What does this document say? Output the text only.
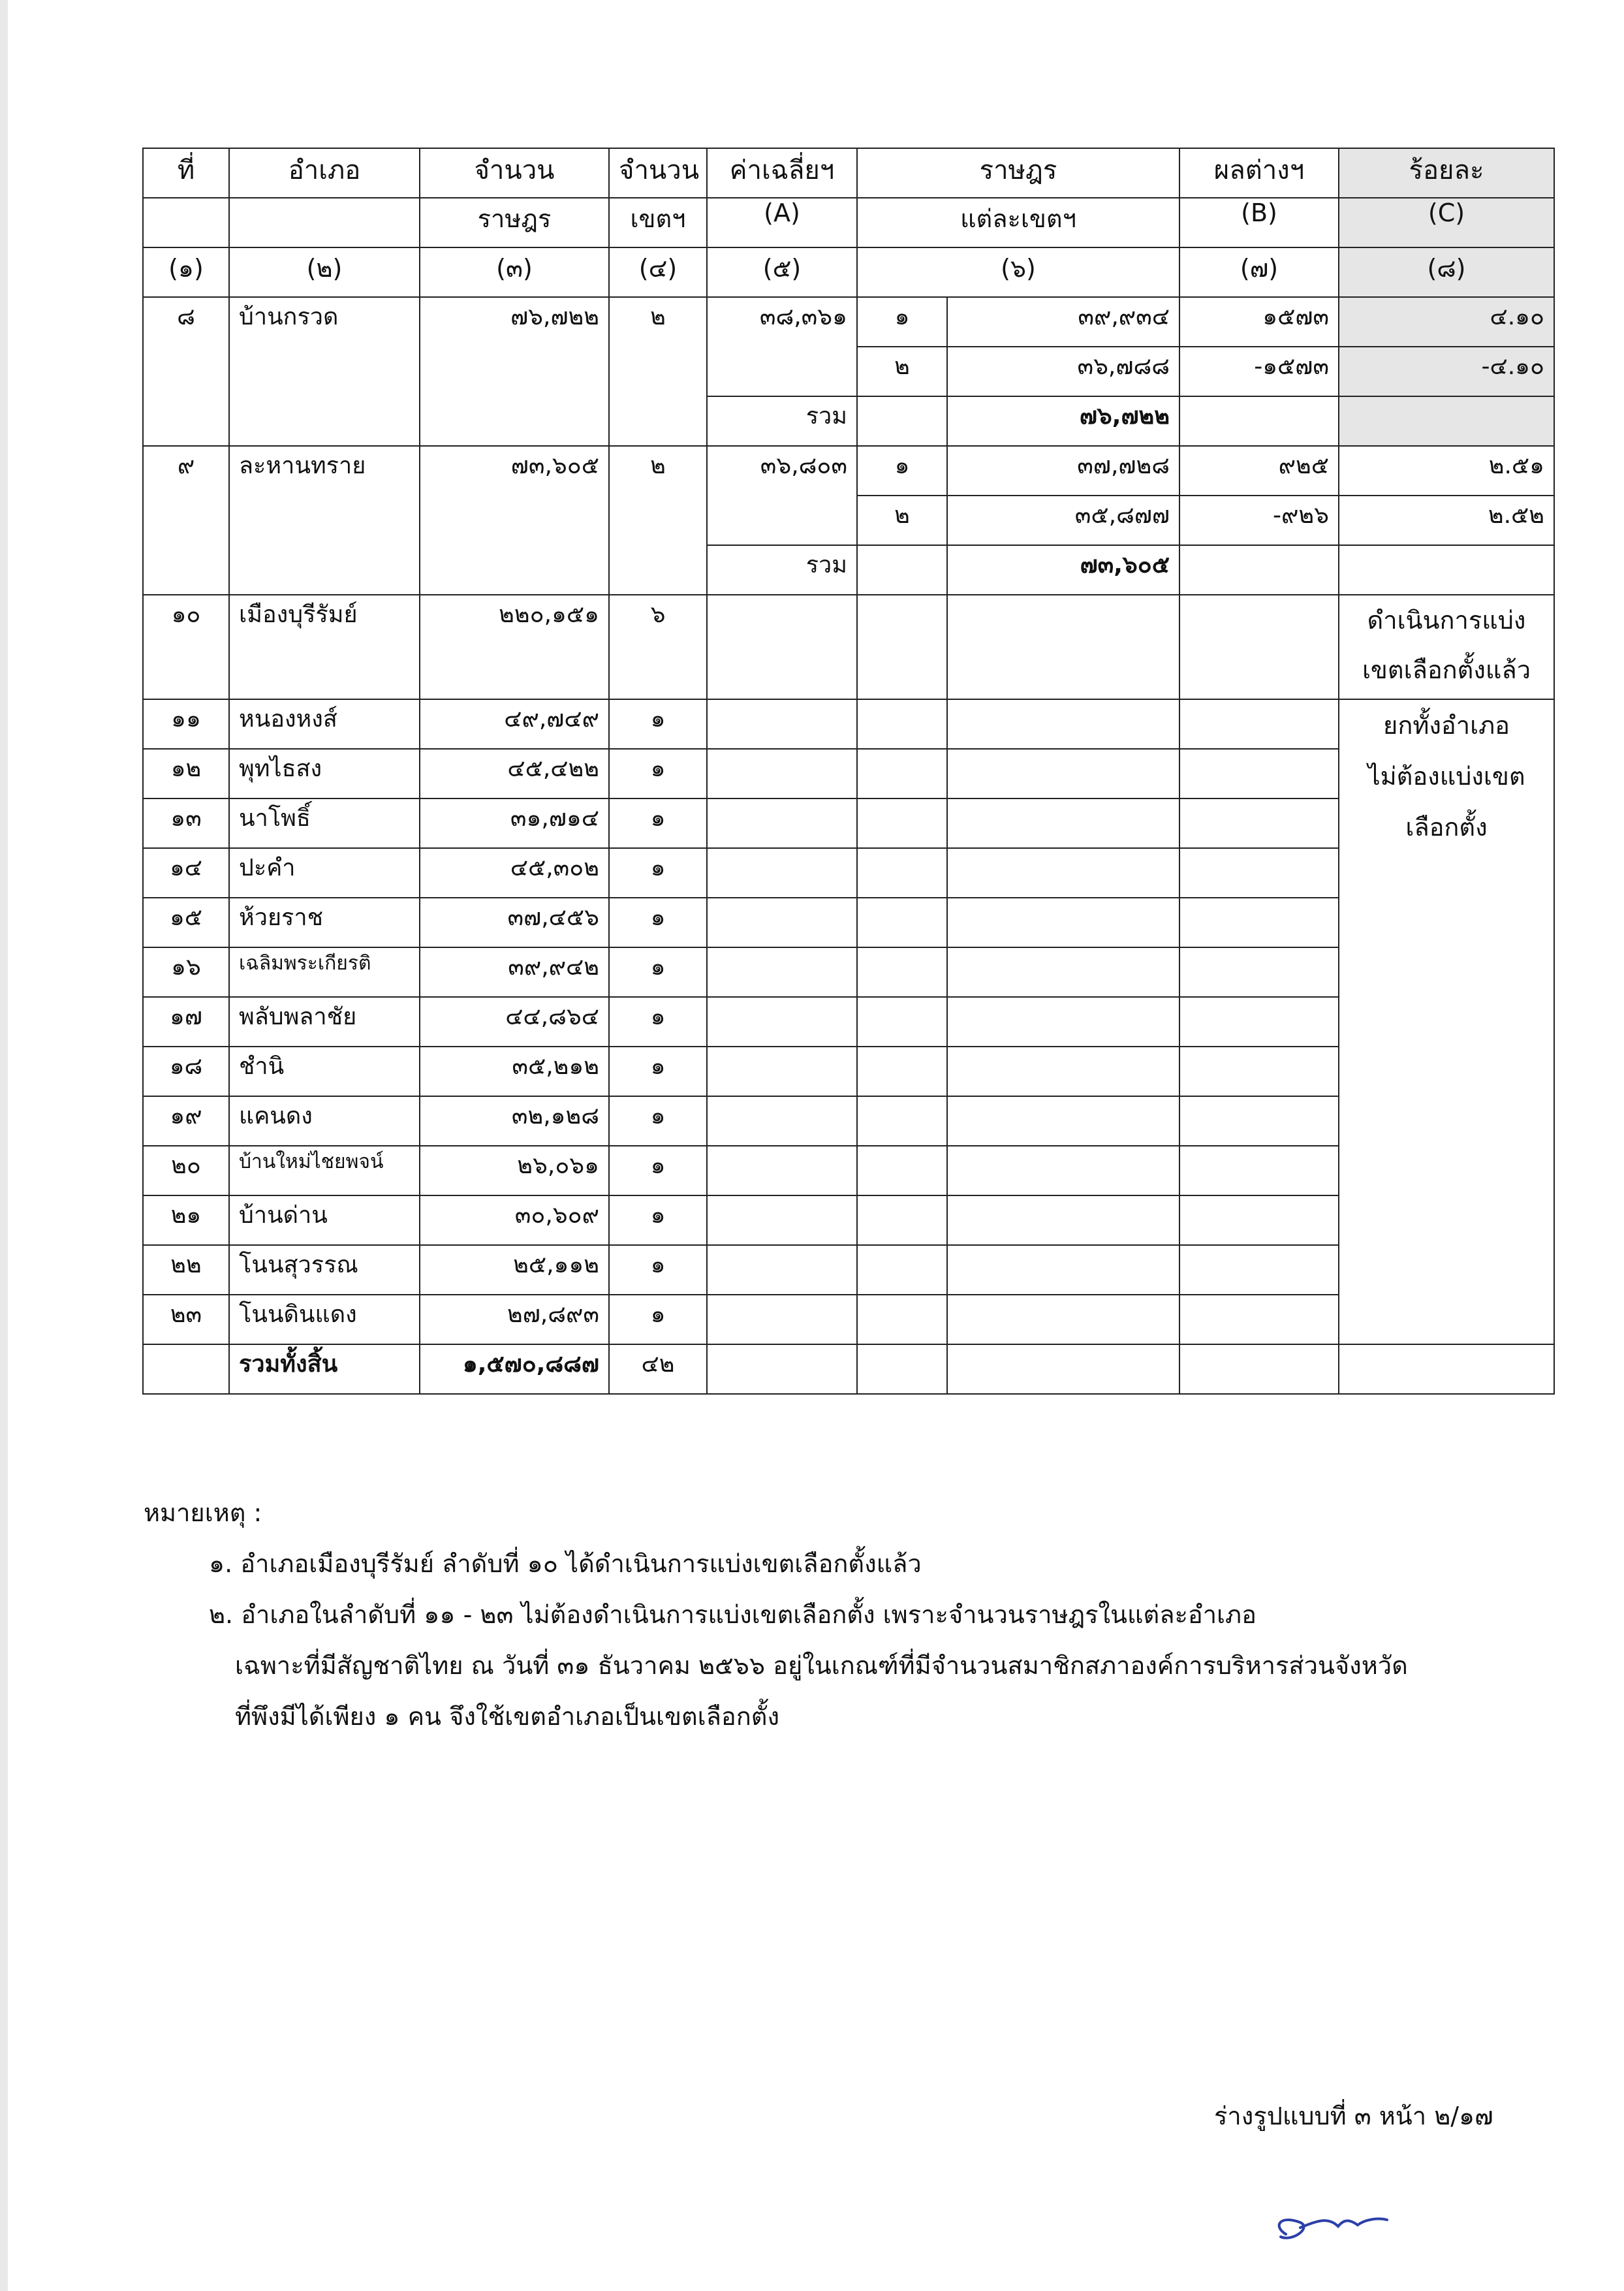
ที่	อำเภอ	จำนวน	จำนวน	ค่าเฉลี่ยฯ	ราษฎร		ผลต่างฯ	ร้อยละ
		ราษฎร	เขตฯ	(A)	แต่ละเขตฯ		(B)	(C)
(๑)	(๒)	(๓)	(๔)	(๕)	(๖)		(๗)	(๘)
๘	บ้านกรวด	๗๖,๗๒๒	๒	๓๘,๓๖๑	๑	๓๙,๙๓๔	๑๕๗๓	๔.๑๐
					๒	๓๖,๗๘๘	-๑๕๗๓	-๔.๑๐
				รวม		๗๖,๗๒๒		
๙	ละหานทราย	๗๓,๖๐๕	๒	๓๖,๘๐๓	๑	๓๗,๗๒๘	๙๒๕	๒.๕๑
					๒	๓๕,๘๗๗	-๙๒๖	๒.๕๒
				รวม		๗๓,๖๐๕		
๑๐	เมืองบุรีรัมย์	๒๒๐,๑๕๑	๖					ดำเนินการแบ่ง
เขตเลือกตั้งแล้ว

๑๑	หนองหงส์	๔๙,๗๔๙	๑					ยกทั้งอำเภอ
ไม่ต้องแบ่งเขต
เลือกตั้ง

๑๒	พุทไธสง	๔๕,๔๒๒	๑					
๑๓	นาโพธิ์	๓๑,๗๑๔	๑					
๑๔	ปะคำ	๔๕,๓๐๒	๑					
๑๕	ห้วยราช	๓๗,๔๕๖	๑					
๑๖	เฉลิมพระเกียรติ	๓๙,๙๔๒	๑					
๑๗	พลับพลาชัย	๔๔,๘๖๔	๑					
๑๘	ชำนิ	๓๕,๒๑๒	๑					
๑๙	แคนดง	๓๒,๑๒๘	๑					
๒๐	บ้านใหม่ไชยพจน์	๒๖,๐๖๑	๑					
๒๑	บ้านด่าน	๓๐,๖๐๙	๑					
๒๒	โนนสุวรรณ	๒๕,๑๑๒	๑					
๒๓	โนนดินแดง	๒๗,๘๙๓	๑					
	รวมทั้งสิ้น	๑,๕๗๐,๘๘๗	๔๒					
หมายเหตุ :
๑. อำเภอเมืองบุรีรัมย์ ลำดับที่ ๑๐ ได้ดำเนินการแบ่งเขตเลือกตั้งแล้ว
๒. อำเภอในลำดับที่ ๑๑ - ๒๓ ไม่ต้องดำเนินการแบ่งเขตเลือกตั้ง เพราะจำนวนราษฎรในแต่ละอำเภอ
เฉพาะที่มีสัญชาติไทย ณ วันที่ ๓๑ ธันวาคม ๒๕๖๖ อยู่ในเกณฑ์ที่มีจำนวนสมาชิกสภาองค์การบริหารส่วนจังหวัด
ที่พึงมีได้เพียง ๑ คน จึงใช้เขตอำเภอเป็นเขตเลือกตั้ง
ร่างรูปแบบที่ ๓ หน้า ๒/๑๗
